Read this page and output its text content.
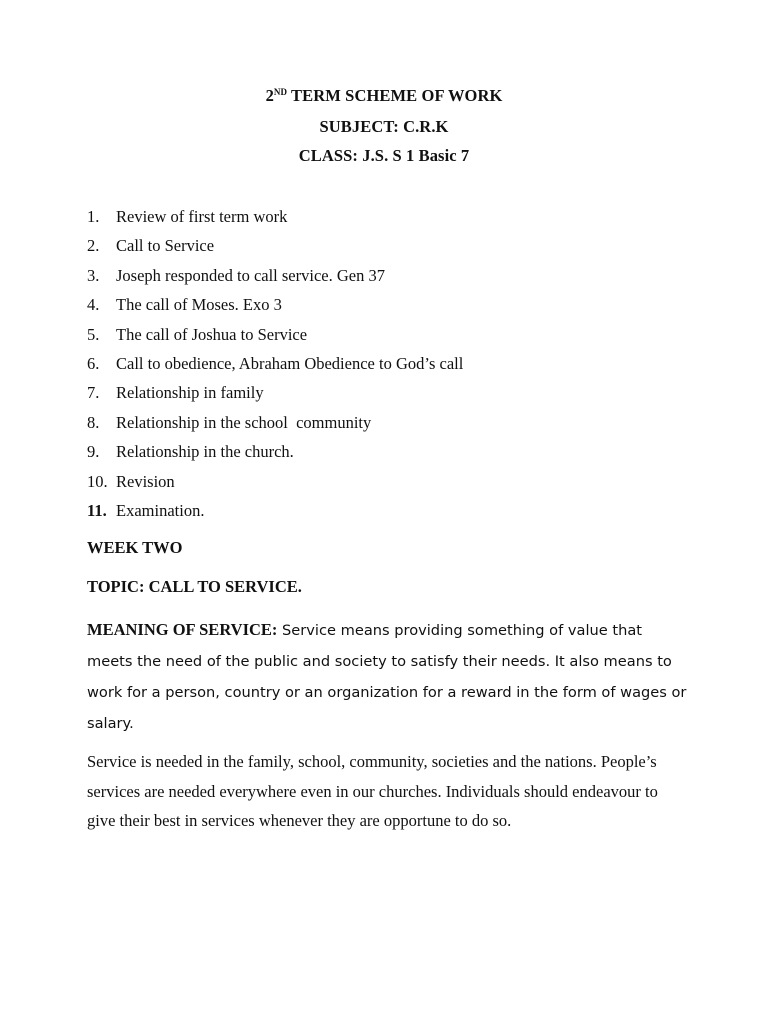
2ND TERM SCHEME OF WORK
SUBJECT: C.R.K
CLASS: J.S. S 1 Basic 7
1. Review of first term work
2. Call to Service
3. Joseph responded to call service. Gen 37
4. The call of Moses. Exo 3
5. The call of Joshua to Service
6. Call to obedience, Abraham Obedience to God’s call
7. Relationship in family
8. Relationship in the school  community
9. Relationship in the church.
10. Revision
11. Examination.
WEEK TWO
TOPIC: CALL TO SERVICE.
MEANING OF SERVICE: Service means providing something of value that meets the need of the public and society to satisfy their needs. It also means to work for a person, country or an organization for a reward in the form of wages or salary.
Service is needed in the family, school, community, societies and the nations. People’s services are needed everywhere even in our churches. Individuals should endeavour to give their best in services whenever they are opportune to do so.
